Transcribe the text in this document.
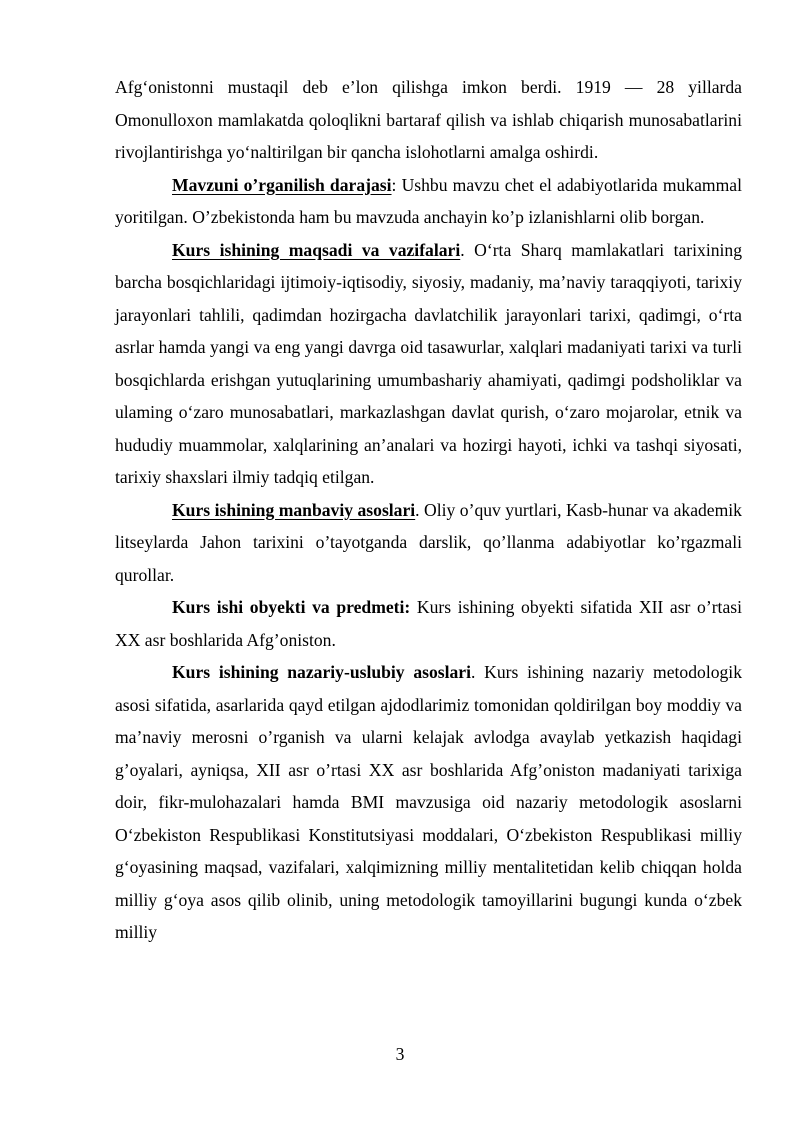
Afg‘onistonni mustaqil deb e’lon qilishga imkon berdi. 1919 — 28 yillarda Omonulloxon mamlakatda qoloqlikni bartaraf qilish va ishlab chiqarish munosabatlarini rivojlantirishga yo‘naltirilgan bir qancha islohotlarni amalga oshirdi.

Mavzuni o’rganilish darajasi: Ushbu mavzu chet el adabiyotlarida mukammal yoritilgan. O’zbekistonda ham bu mavzuda anchayin ko’p izlanishlarni olib borgan.

Kurs ishining maqsadi va vazifalari. O‘rta Sharq mamlakatlari tarixining barcha bosqichlaridagi ijtimoiy-iqtisodiy, siyosiy, madaniy, ma’naviy taraqqiyoti, tarixiy jarayonlari tahlili, qadimdan hozirgacha davlatchilik jarayonlari tarixi, qadimgi, o‘rta asrlar hamda yangi va eng yangi davrga oid tasawurlar, xalqlari madaniyati tarixi va turli bosqichlarda erishgan yutuqlarining umumbashariy ahamiyati, qadimgi podsholiklar va ulaming o‘zaro munosabatlari, markazlashgan davlat qurish, o‘zaro mojarolar, etnik va hududiy muammolar, xalqlarining an’analari va hozirgi hayoti, ichki va tashqi siyosati, tarixiy shaxslari ilmiy tadqiq etilgan.

Kurs ishining manbaviy asoslari. Oliy o’quv yurtlari, Kasb-hunar va akademik litseylarda Jahon tarixini o’tayotganda darslik, qo’llanma adabiyotlar ko’rgazmali qurollar.

Kurs ishi obyekti va predmeti: Kurs ishining obyekti sifatida XII asr o’rtasi XX asr boshlarida Afg’oniston.

Kurs ishining nazariy-uslubiy asoslari. Kurs ishining nazariy metodologik asosi sifatida, asarlarida qayd etilgan ajdodlarimiz tomonidan qoldirilgan boy moddiy va ma’naviy merosni o’rganish va ularni kelajak avlodga avaylab yetkazish haqidagi g’oyalari, ayniqsa, XII asr o’rtasi XX asr boshlarida Afg’oniston madaniyati tarixiga doir, fikr-mulohazalari hamda BMI mavzusiga oid nazariy metodologik asoslarni O‘zbekiston Respublikasi Konstitutsiyasi moddalari, O‘zbekiston Respublikasi milliy g‘oyasining maqsad, vazifalari, xalqimizning milliy mentalitetidan kelib chiqqan holda milliy g‘oya asos qilib olinib, uning metodologik tamoyillarini bugungi kunda o‘zbek milliy

3
